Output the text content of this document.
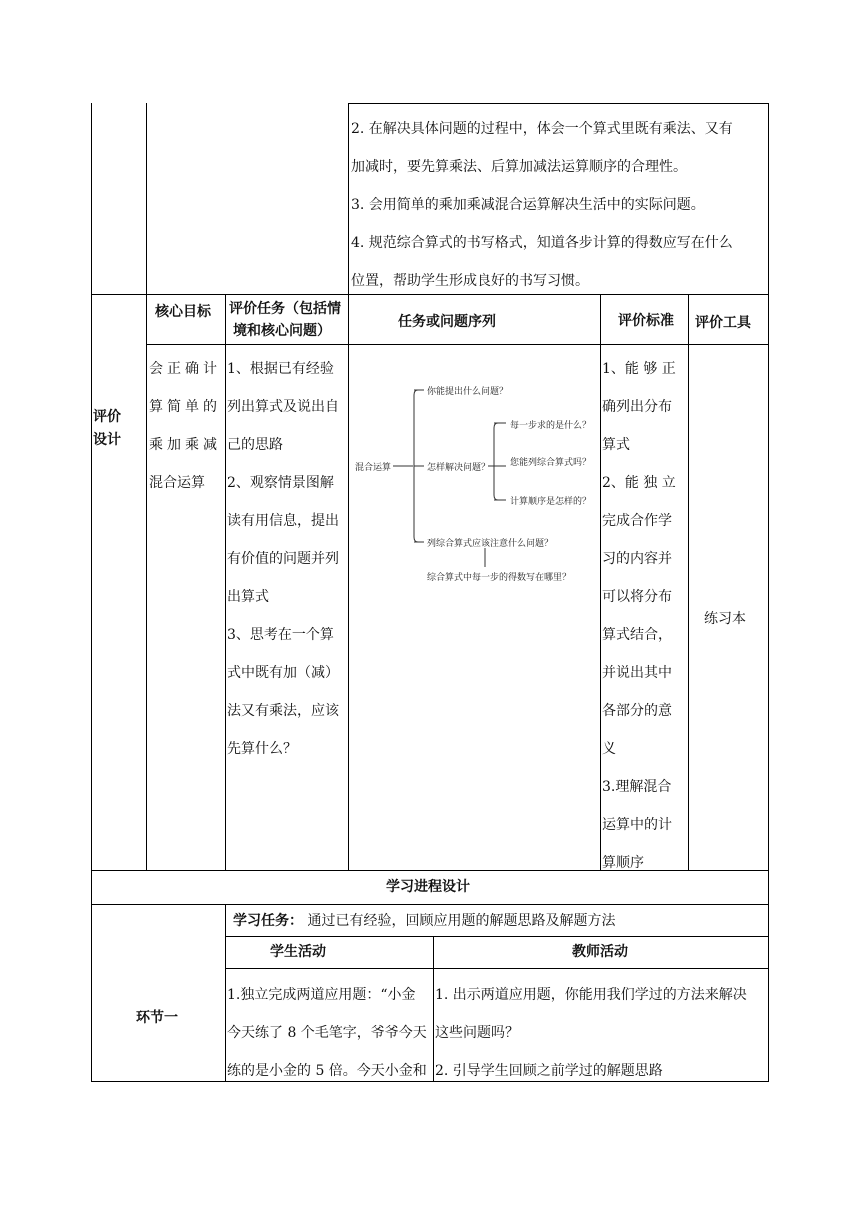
2. 在解决具体问题的过程中，体会一个算式里既有乘法、又有
加减时，要先算乘法、后算加减法运算顺序的合理性。
3. 会用简单的乘加乘减混合运算解决生活中的实际问题。
4. 规范综合算式的书写格式，知道各步计算的得数应写在什么
位置，帮助学生形成良好的书写习惯。
核心目标 评价任务（包括情
境和核心问题）
任务或问题序列	评价标准 评价工具
评价
设计
会正确计
算简单的
乘加乘减
混合运算
1、根据已有经验
列出算式及说出自
己的思路
2、观察情景图解
读有用信息，提出
有价值的问题并列
出算式
3、思考在一个算
式中既有加（减）
法又有乘法，应该
先算什么？
混合运算
你能提出什么问题？
怎样解决问题？
每一步求的是什么？
您能列综合算式吗？
计算顺序是怎样的？
列综合算式应该注意什么问题？
综合算式中每一步的得数写在哪里？
1、能 够 正
确列出分布
算式
2、能 独 立
完成合作学
习的内容并
可以将分布
算式结合，
并说出其中
各部分的意
义
3.理解混合
运算中的计
算顺序
练习本
学习进程设计
环节一
学习任务： 通过已有经验，回顾应用题的解题思路及解题方法
学生活动	教师活动
1.独立完成两道应用题：“小金
今天练了 8 个毛笔字，爷爷今天
练的是小金的 5 倍。今天小金和
1. 出示两道应用题，你能用我们学过的方法来解决
这些问题吗？
2. 引导学生回顾之前学过的解题思路
